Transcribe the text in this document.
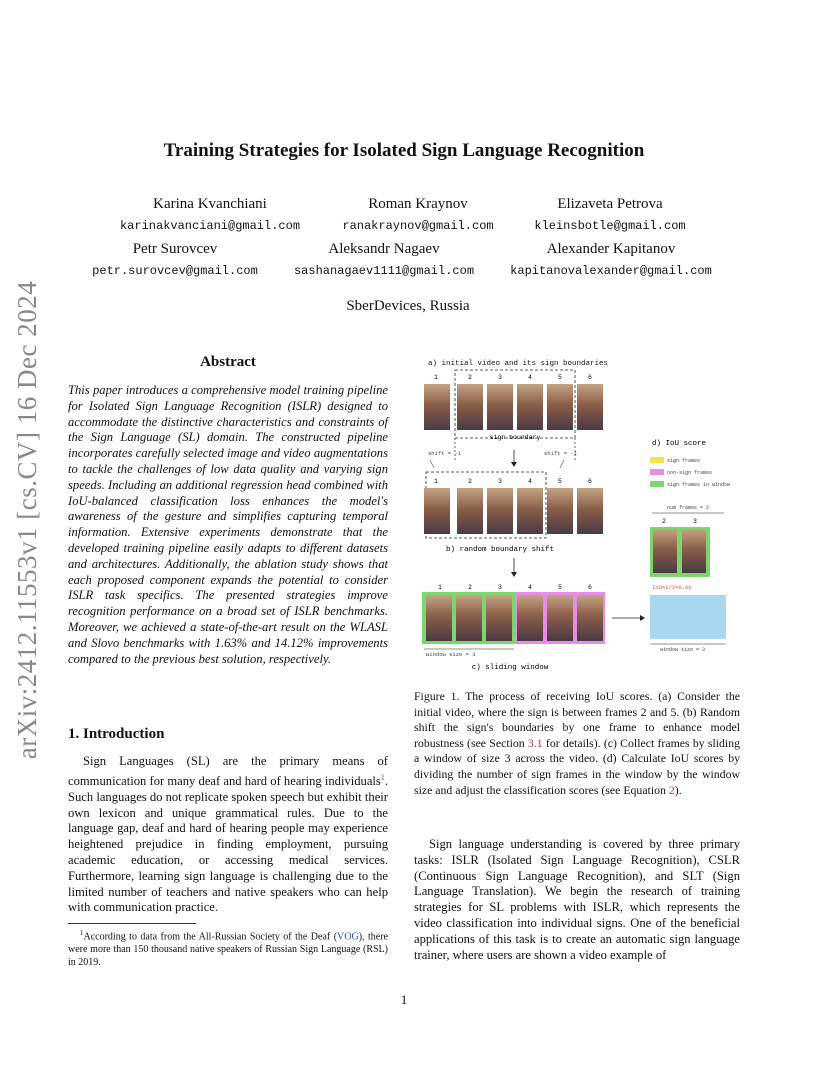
arXiv:2412.11553v1 [cs.CV] 16 Dec 2024
Training Strategies for Isolated Sign Language Recognition
Karina Kvanchiani
karinakvanciani@gmail.com
Roman Kraynov
ranakraynov@gmail.com
Elizaveta Petrova
kleinsbotle@gmail.com
Petr Surovcev
petr.surovcev@gmail.com
Aleksandr Nagaev
sashanagaev1111@gmail.com
Alexander Kapitanov
kapitanovalexander@gmail.com
SberDevices, Russia
Abstract
This paper introduces a comprehensive model training pipeline for Isolated Sign Language Recognition (ISLR) designed to accommodate the distinctive characteristics and constraints of the Sign Language (SL) domain. The constructed pipeline incorporates carefully selected image and video augmentations to tackle the challenges of low data quality and varying sign speeds. Including an additional regression head combined with IoU-balanced classification loss enhances the model's awareness of the gesture and simplifies capturing temporal information. Extensive experiments demonstrate that the developed training pipeline easily adapts to different datasets and architectures. Additionally, the ablation study shows that each proposed component expands the potential to consider ISLR task specifics. The presented strategies improve recognition performance on a broad set of ISLR benchmarks. Moreover, we achieved a state-of-the-art result on the WLASL and Slovo benchmarks with 1.63% and 14.12% improvements compared to the previous best solution, respectively.
1. Introduction
Sign Languages (SL) are the primary means of communication for many deaf and hard of hearing individuals$^1$. Such languages do not replicate spoken speech but exhibit their own lexicon and unique grammatical rules. Due to the language gap, deaf and hard of hearing people may experience heightened prejudice in finding employment, pursuing academic education, or accessing medical services. Furthermore, learning sign language is challenging due to the limited number of teachers and native speakers who can help with communication practice.
$^1$According to data from the All-Russian Society of the Deaf (VOG), there were more than 150 thousand native speakers of Russian Sign Language (RSL) in 2019.
a) initial video and its sign boundaries
1	2	3	4	5	6
sign boundary
shift = -1	shift = -1
1	2	3	4	5	6
b) random boundary shift
1	2	3	4	5	6
window size = 3
c) sliding window
d) IoU score
sign frames
non-sign frames
sign frames in window
num frames = 2
2	3
IoU=2/3=0.66
window size = 3
Figure 1. The process of receiving IoU scores. (a) Consider the initial video, where the sign is between frames 2 and 5. (b) Random shift the sign's boundaries by one frame to enhance model robustness (see Section 3.1 for details). (c) Collect frames by sliding a window of size 3 across the video. (d) Calculate IoU scores by dividing the number of sign frames in the window by the window size and adjust the classification scores (see Equation 2).
Sign language understanding is covered by three primary tasks: ISLR (Isolated Sign Language Recognition), CSLR (Continuous Sign Language Recognition), and SLT (Sign Language Translation). We begin the research of training strategies for SL problems with ISLR, which represents the video classification into individual signs. One of the beneficial applications of this task is to create an automatic sign language trainer, where users are shown a video example of
1
